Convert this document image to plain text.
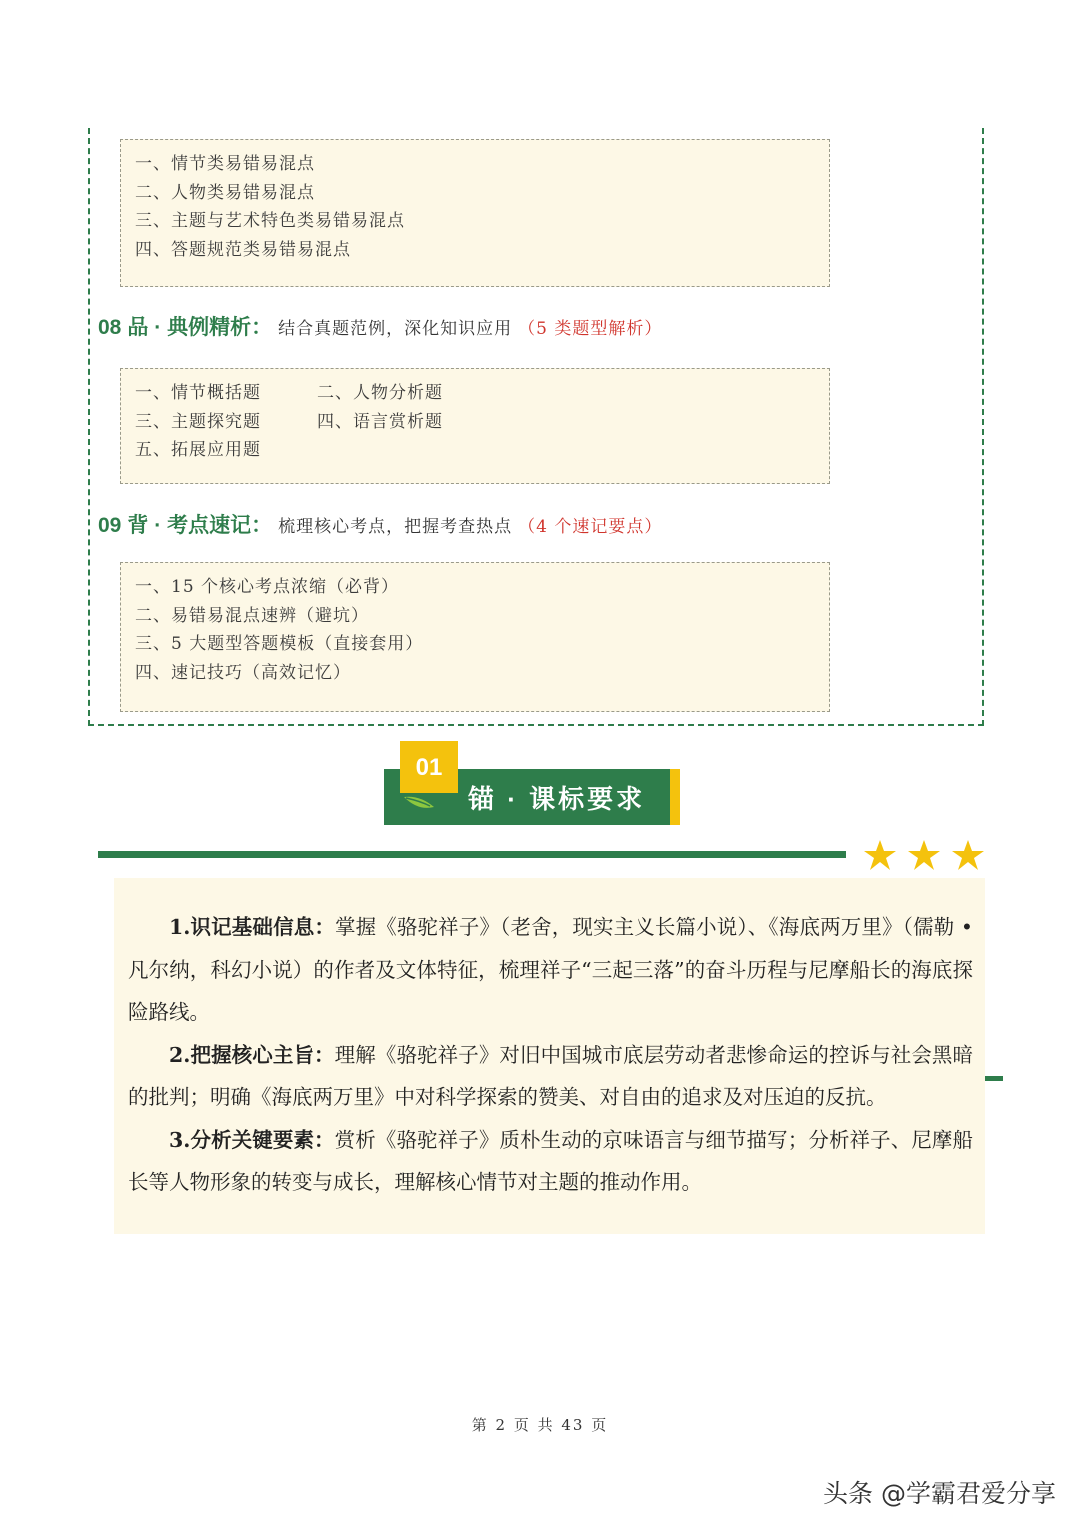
一、情节类易错易混点
二、人物类易错易混点
三、主题与艺术特色类易错易混点
四、答题规范类易错易混点
08 品 · 典例精析： 结合真题范例，深化知识应用 （5 类题型解析）
一、情节概括题	二、人物分析题
三、主题探究题	四、语言赏析题
五、拓展应用题
09 背 · 考点速记： 梳理核心考点，把握考查热点 （4 个速记要点）
一、15 个核心考点浓缩（必背）
二、易错易混点速辨（避坑）
三、5 大题型答题模板（直接套用）
四、速记技巧（高效记忆）
01
锚 · 课标要求

1.识记基础信息：掌握《骆驼祥子》（老舍，现实主义长篇小说）、《海底两万里》（儒勒 • 凡尔纳，科幻小说）的作者及文体特征，梳理祥子“三起三落”的奋斗历程与尼摩船长的海底探险路线。

2.把握核心主旨：理解《骆驼祥子》对旧中国城市底层劳动者悲惨命运的控诉与社会黑暗的批判；明确《海底两万里》中对科学探索的赞美、对自由的追求及对压迫的反抗。

3.分析关键要素：赏析《骆驼祥子》质朴生动的京味语言与细节描写；分析祥子、尼摩船长等人物形象的转变与成长，理解核心情节对主题的推动作用。

第 2 页 共 43 页
头条 @学霸君爱分享
